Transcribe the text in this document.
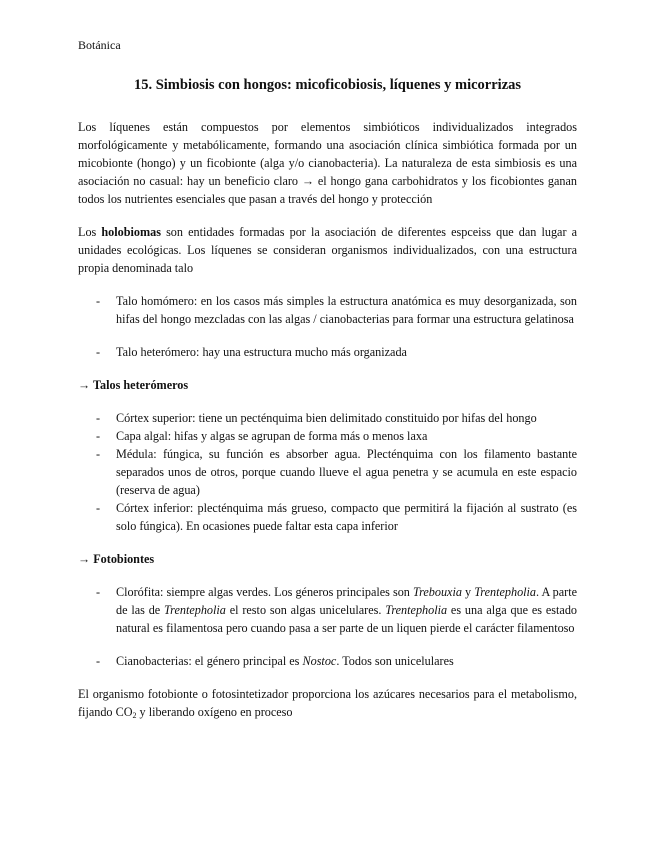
Botánica
15. Simbiosis con hongos: micoficobiosis, líquenes y micorrizas

Los líquenes están compuestos por elementos simbióticos individualizados integrados morfológicamente y metabólicamente, formando una asociación clínica simbiótica formada por un micobionte (hongo) y un ficobionte (alga y/o cianobacteria). La naturaleza de esta simbiosis es una asociación no casual: hay un beneficio claro → el hongo gana carbohidratos y los ficobiontes ganan todos los nutrientes esenciales que pasan a través del hongo y protección

Los holobiomas son entidades formadas por la asociación de diferentes espceiss que dan lugar a unidades ecológicas. Los líquenes se consideran organismos individualizados, con una estructura propia denominada talo

- Talo homómero: en los casos más simples la estructura anatómica es muy desorganizada, son hifas del hongo mezcladas con las algas / cianobacterias para formar una estructura gelatinosa
- Talo heterómero: hay una estructura mucho más organizada
→ Talos heterómeros
- Córtex superior: tiene un pecténquima bien delimitado constituido por hifas del hongo
- Capa algal: hifas y algas se agrupan de forma más o menos laxa
- Médula: fúngica, su función es absorber agua. Plecténquima con los filamento bastante separados unos de otros, porque cuando llueve el agua penetra y se acumula en este espacio (reserva de agua)
- Córtex inferior: plecténquima más grueso, compacto que permitirá la fijación al sustrato (es solo fúngica). En ocasiones puede faltar esta capa inferior
→ Fotobiontes
- Clorófita: siempre algas verdes. Los géneros principales son Trebouxia y Trentepholia. A parte de las de Trentepholia el resto son algas unicelulares. Trentepholia es una alga que es estado natural es filamentosa pero cuando pasa a ser parte de un liquen pierde el carácter filamentoso
- Cianobacterias: el género principal es Nostoc. Todos son unicelulares

El organismo fotobionte o fotosintetizador proporciona los azúcares necesarios para el metabolismo, fijando $CO_2$ y liberando oxígeno en proceso
